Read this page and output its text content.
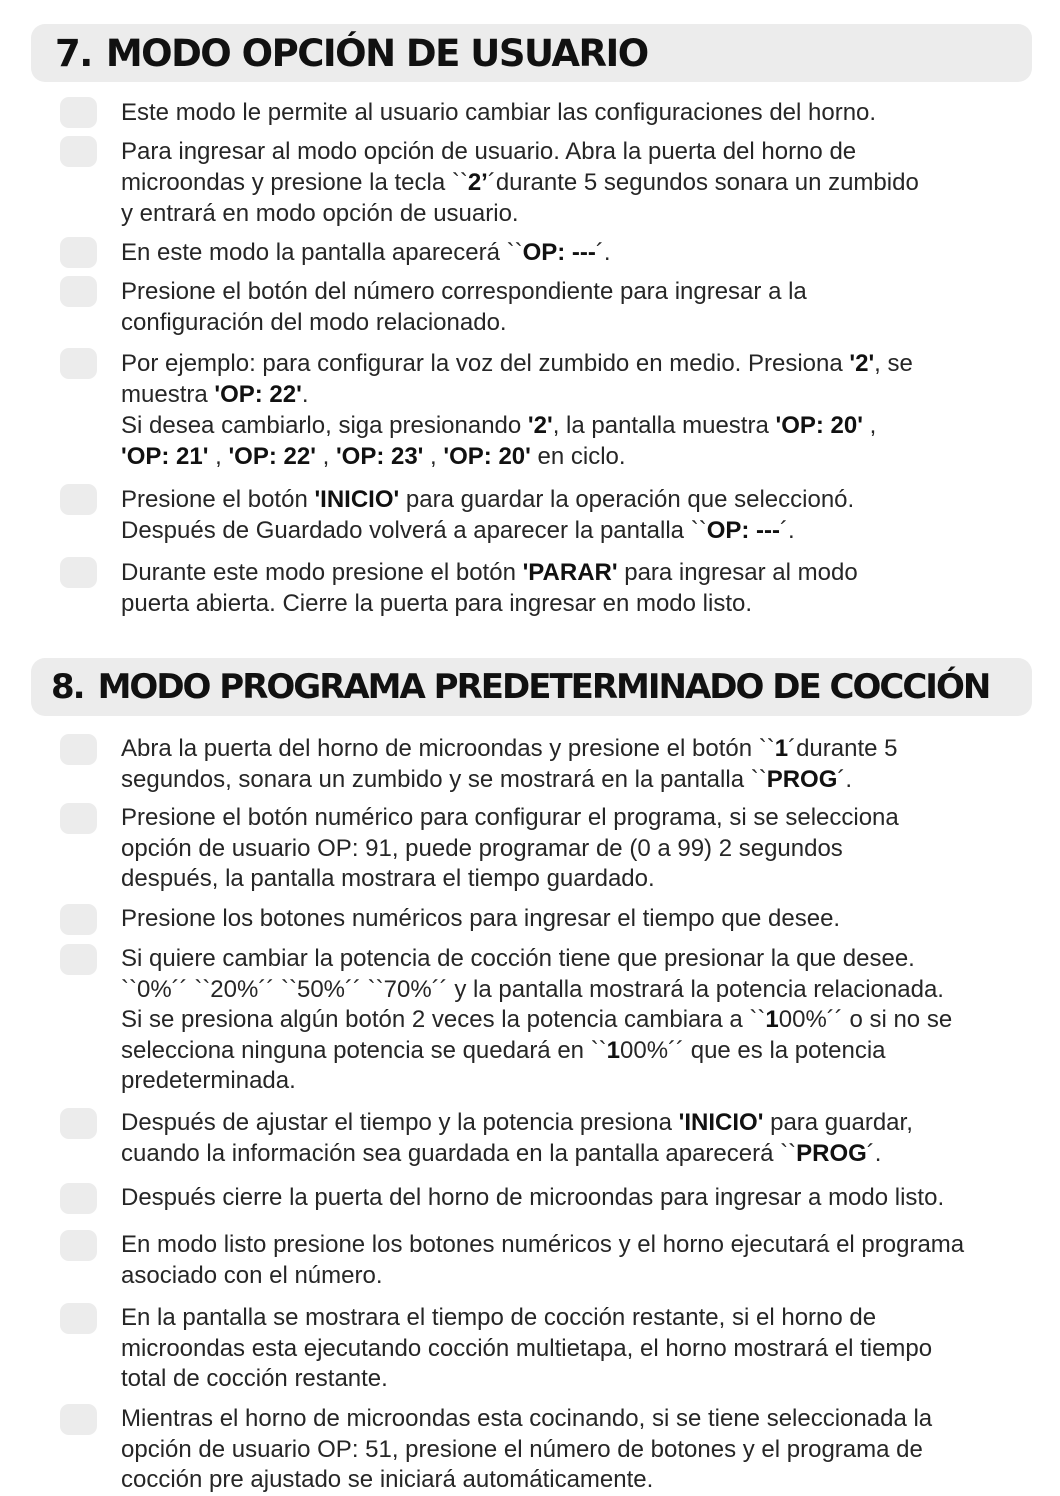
7. MODO OPCIÓN DE USUARIO
Este modo le permite al usuario cambiar las configuraciones del horno.
Para ingresar al modo opción de usuario. Abra la puerta del horno de
microondas y presione la tecla ``2’´durante 5 segundos sonara un zumbido
y entrará en modo opción de usuario.
En este modo la pantalla aparecerá ``OP: ---´.
Presione el botón del número correspondiente para ingresar a la
configuración del modo relacionado.
Por ejemplo: para configurar la voz del zumbido en medio. Presiona '2', se
muestra 'OP: 22'.
Si desea cambiarlo, siga presionando '2', la pantalla muestra 'OP: 20' ,
'OP: 21' , 'OP: 22' , 'OP: 23' , 'OP: 20' en ciclo.
Presione el botón 'INICIO' para guardar la operación que seleccionó.
Después de Guardado volverá a aparecer la pantalla ``OP: ---´.
Durante este modo presione el botón 'PARAR' para ingresar al modo
puerta abierta. Cierre la puerta para ingresar en modo listo.
8. MODO PROGRAMA PREDETERMINADO DE COCCIÓN
Abra la puerta del horno de microondas y presione el botón ``1´durante 5
segundos, sonara un zumbido y se mostrará en la pantalla ``PROG´.
Presione el botón numérico para configurar el programa, si se selecciona
opción de usuario OP: 91, puede programar de (0 a 99) 2 segundos
después, la pantalla mostrara el tiempo guardado.
Presione los botones numéricos para ingresar el tiempo que desee.
Si quiere cambiar la potencia de cocción tiene que presionar la que desee.
``0%´´ ``20%´´ ``50%´´ ``70%´´ y la pantalla mostrará la potencia relacionada.
Si se presiona algún botón 2 veces la potencia cambiara a ``100%´´ o si no se
selecciona ninguna potencia se quedará en ``100%´´ que es la potencia
predeterminada.
Después de ajustar el tiempo y la potencia presiona 'INICIO' para guardar,
cuando la información sea guardada en la pantalla aparecerá ``PROG´.
Después cierre la puerta del horno de microondas para ingresar a modo listo.
En modo listo presione los botones numéricos y el horno ejecutará el programa
asociado con el número.
En la pantalla se mostrara el tiempo de cocción restante, si el horno de
microondas esta ejecutando cocción multietapa, el horno mostrará el tiempo
total de cocción restante.
Mientras el horno de microondas esta cocinando, si se tiene seleccionada la
opción de usuario OP: 51, presione el número de botones y el programa de
cocción pre ajustado se iniciará automáticamente.
